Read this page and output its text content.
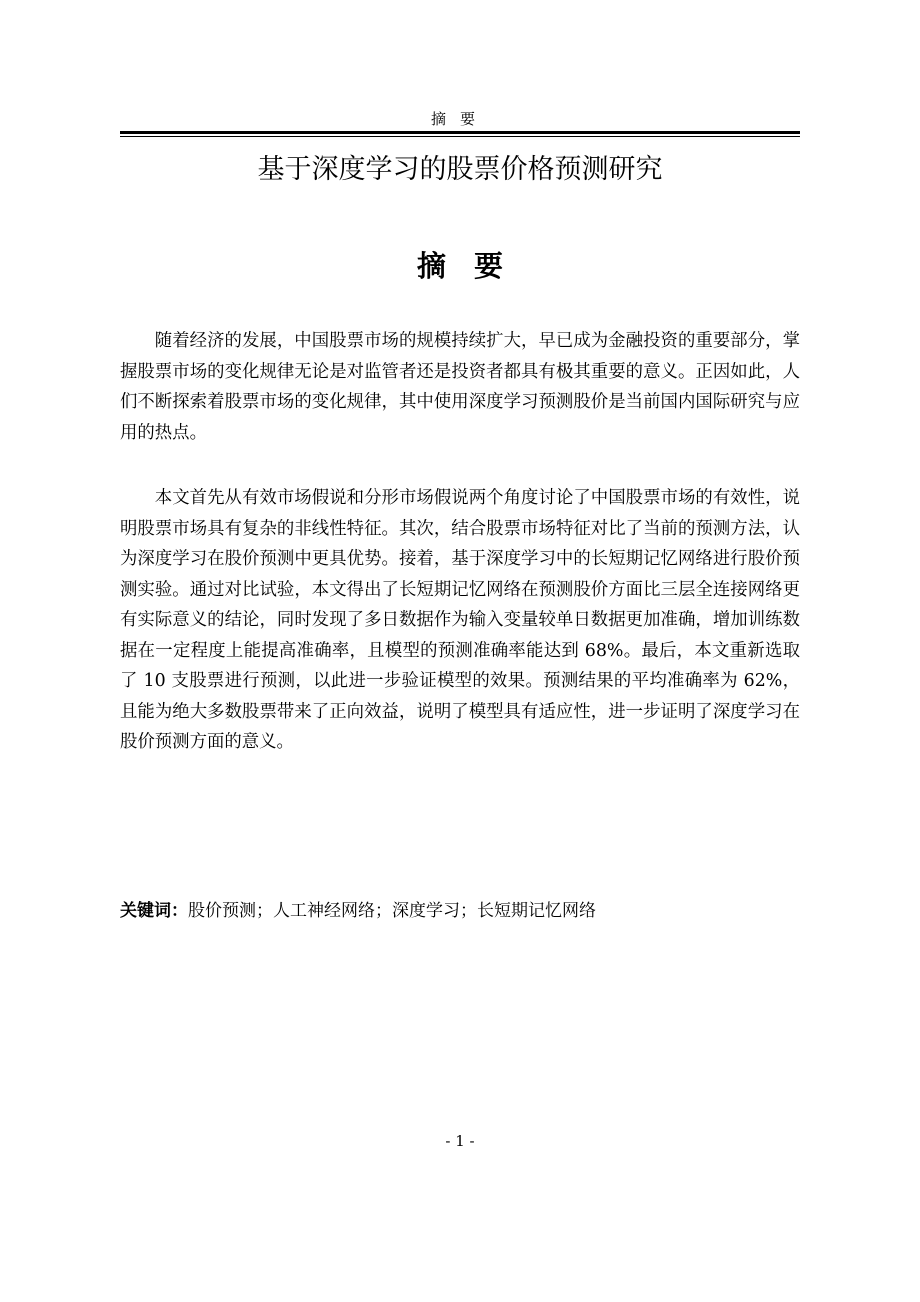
摘要
基于深度学习的股票价格预测研究
摘要

随着经济的发展，中国股票市场的规模持续扩大，早已成为金融投资的重要部分，掌握股票市场的变化规律无论是对监管者还是投资者都具有极其重要的意义。正因如此，人们不断探索着股票市场的变化规律，其中使用深度学习预测股价是当前国内国际研究与应用的热点。

本文首先从有效市场假说和分形市场假说两个角度讨论了中国股票市场的有效性，说明股票市场具有复杂的非线性特征。其次，结合股票市场特征对比了当前的预测方法，认为深度学习在股价预测中更具优势。接着，基于深度学习中的长短期记忆网络进行股价预测实验。通过对比试验，本文得出了长短期记忆网络在预测股价方面比三层全连接网络更有实际意义的结论，同时发现了多日数据作为输入变量较单日数据更加准确，增加训练数据在一定程度上能提高准确率，且模型的预测准确率能达到 68%。最后，本文重新选取了 10 支股票进行预测，以此进一步验证模型的效果。预测结果的平均准确率为 62%，且能为绝大多数股票带来了正向效益，说明了模型具有适应性，进一步证明了深度学习在股价预测方面的意义。

关键词：股价预测；人工神经网络；深度学习；长短期记忆网络
- 1 -
